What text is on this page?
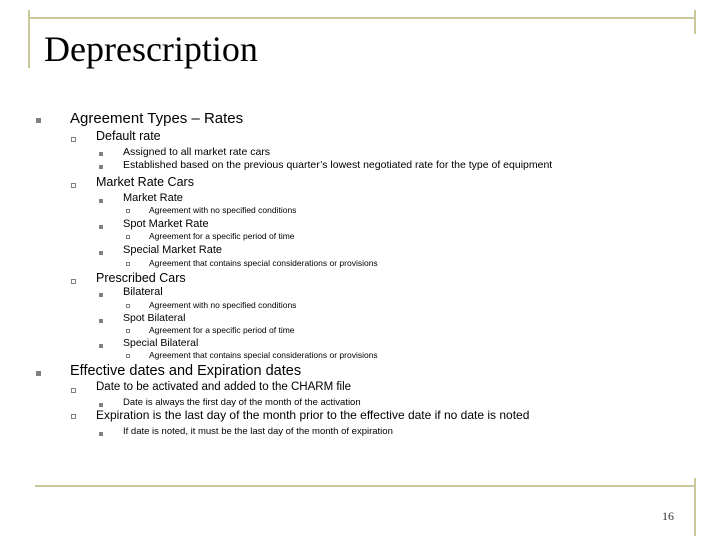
Deprescription
Agreement Types – Rates
Default rate
Assigned to all market rate cars
Established based on the previous quarter’s lowest negotiated rate for the type of equipment
Market Rate Cars
Market Rate
Agreement with no specified conditions
Spot Market Rate
Agreement for a specific period of time
Special Market Rate
Agreement that contains special considerations or provisions
Prescribed Cars
Bilateral
Agreement with no specified conditions
Spot Bilateral
Agreement for a specific period of time
Special Bilateral
Agreement that contains special considerations or provisions
Effective dates and Expiration dates
Date to be activated and added to the CHARM file
Date is always the first day of the month of the activation
Expiration is the last day of the month prior to the effective date if no date is noted
If date is noted, it must be the last day of the month of expiration
16
